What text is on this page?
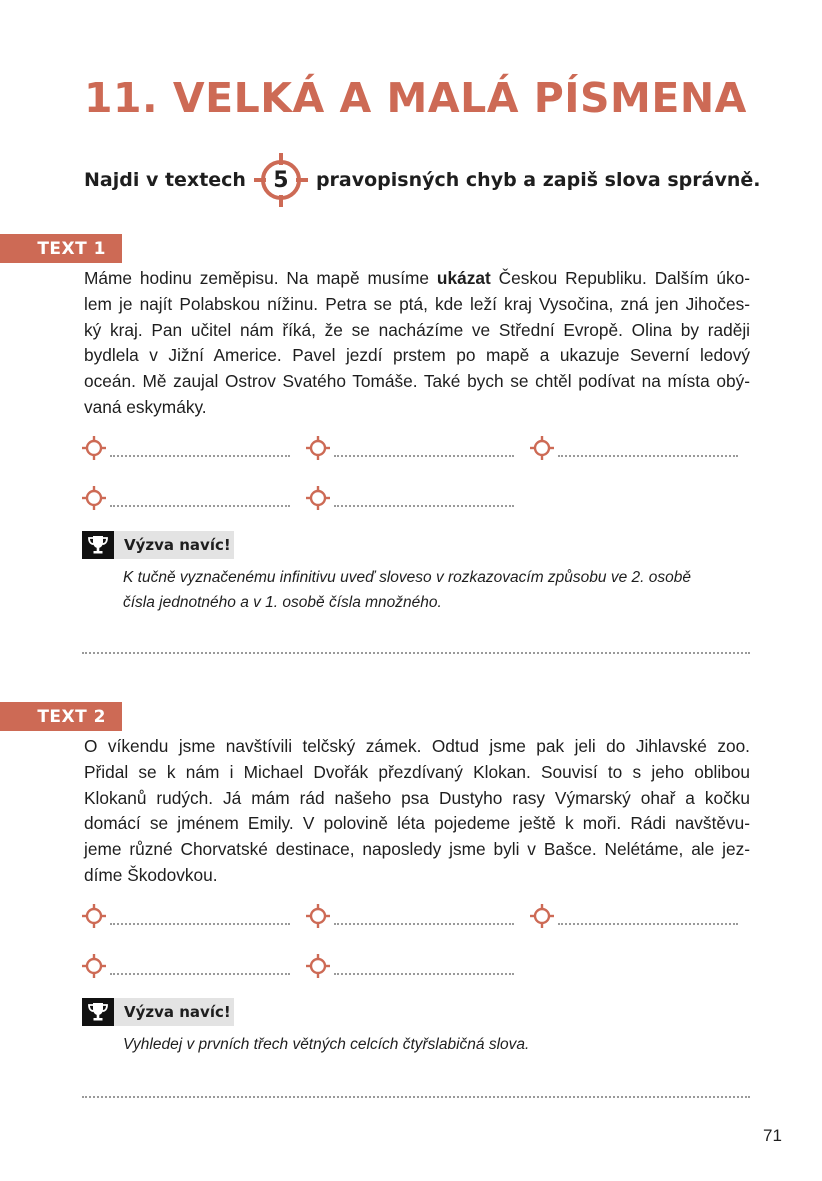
11. VELKÁ A MALÁ PÍSMENA
Najdi v textech	5	pravopisných chyb a zapiš slova správně.
TEXT 1
Máme hodinu zeměpisu. Na mapě musíme ukázat Českou Republiku. Dalším úko-
lem je najít Polabskou nížinu. Petra se ptá, kde leží kraj Vysočina, zná jen Jihočes-
ký kraj. Pan učitel nám říká, že se nacházíme ve Střední Evropě. Olina by raději
bydlela v Jižní Americe. Pavel jezdí prstem po mapě a ukazuje Severní ledový
oceán. Mě zaujal Ostrov Svatého Tomáše. Také bych se chtěl podívat na místa obý-
vaná eskymáky.
Výzva navíc!
K tučně vyznačenému infinitivu uveď sloveso v rozkazovacím způsobu ve 2. osobě
čísla jednotného a v 1. osobě čísla množného.
TEXT 2
O víkendu jsme navštívili telčský zámek. Odtud jsme pak jeli do Jihlavské zoo.
Přidal se k nám i Michael Dvořák přezdívaný Klokan. Souvisí to s jeho oblibou
Klokanů rudých. Já mám rád našeho psa Dustyho rasy Výmarský ohař a kočku
domácí se jménem Emily. V polovině léta pojedeme ještě k moři. Rádi navštěvu-
jeme různé Chorvatské destinace, naposledy jsme byli v Bašce. Nelétáme, ale jez-
díme Škodovkou.
Výzva navíc!
Vyhledej v prvních třech větných celcích čtyřslabičná slova.
71
